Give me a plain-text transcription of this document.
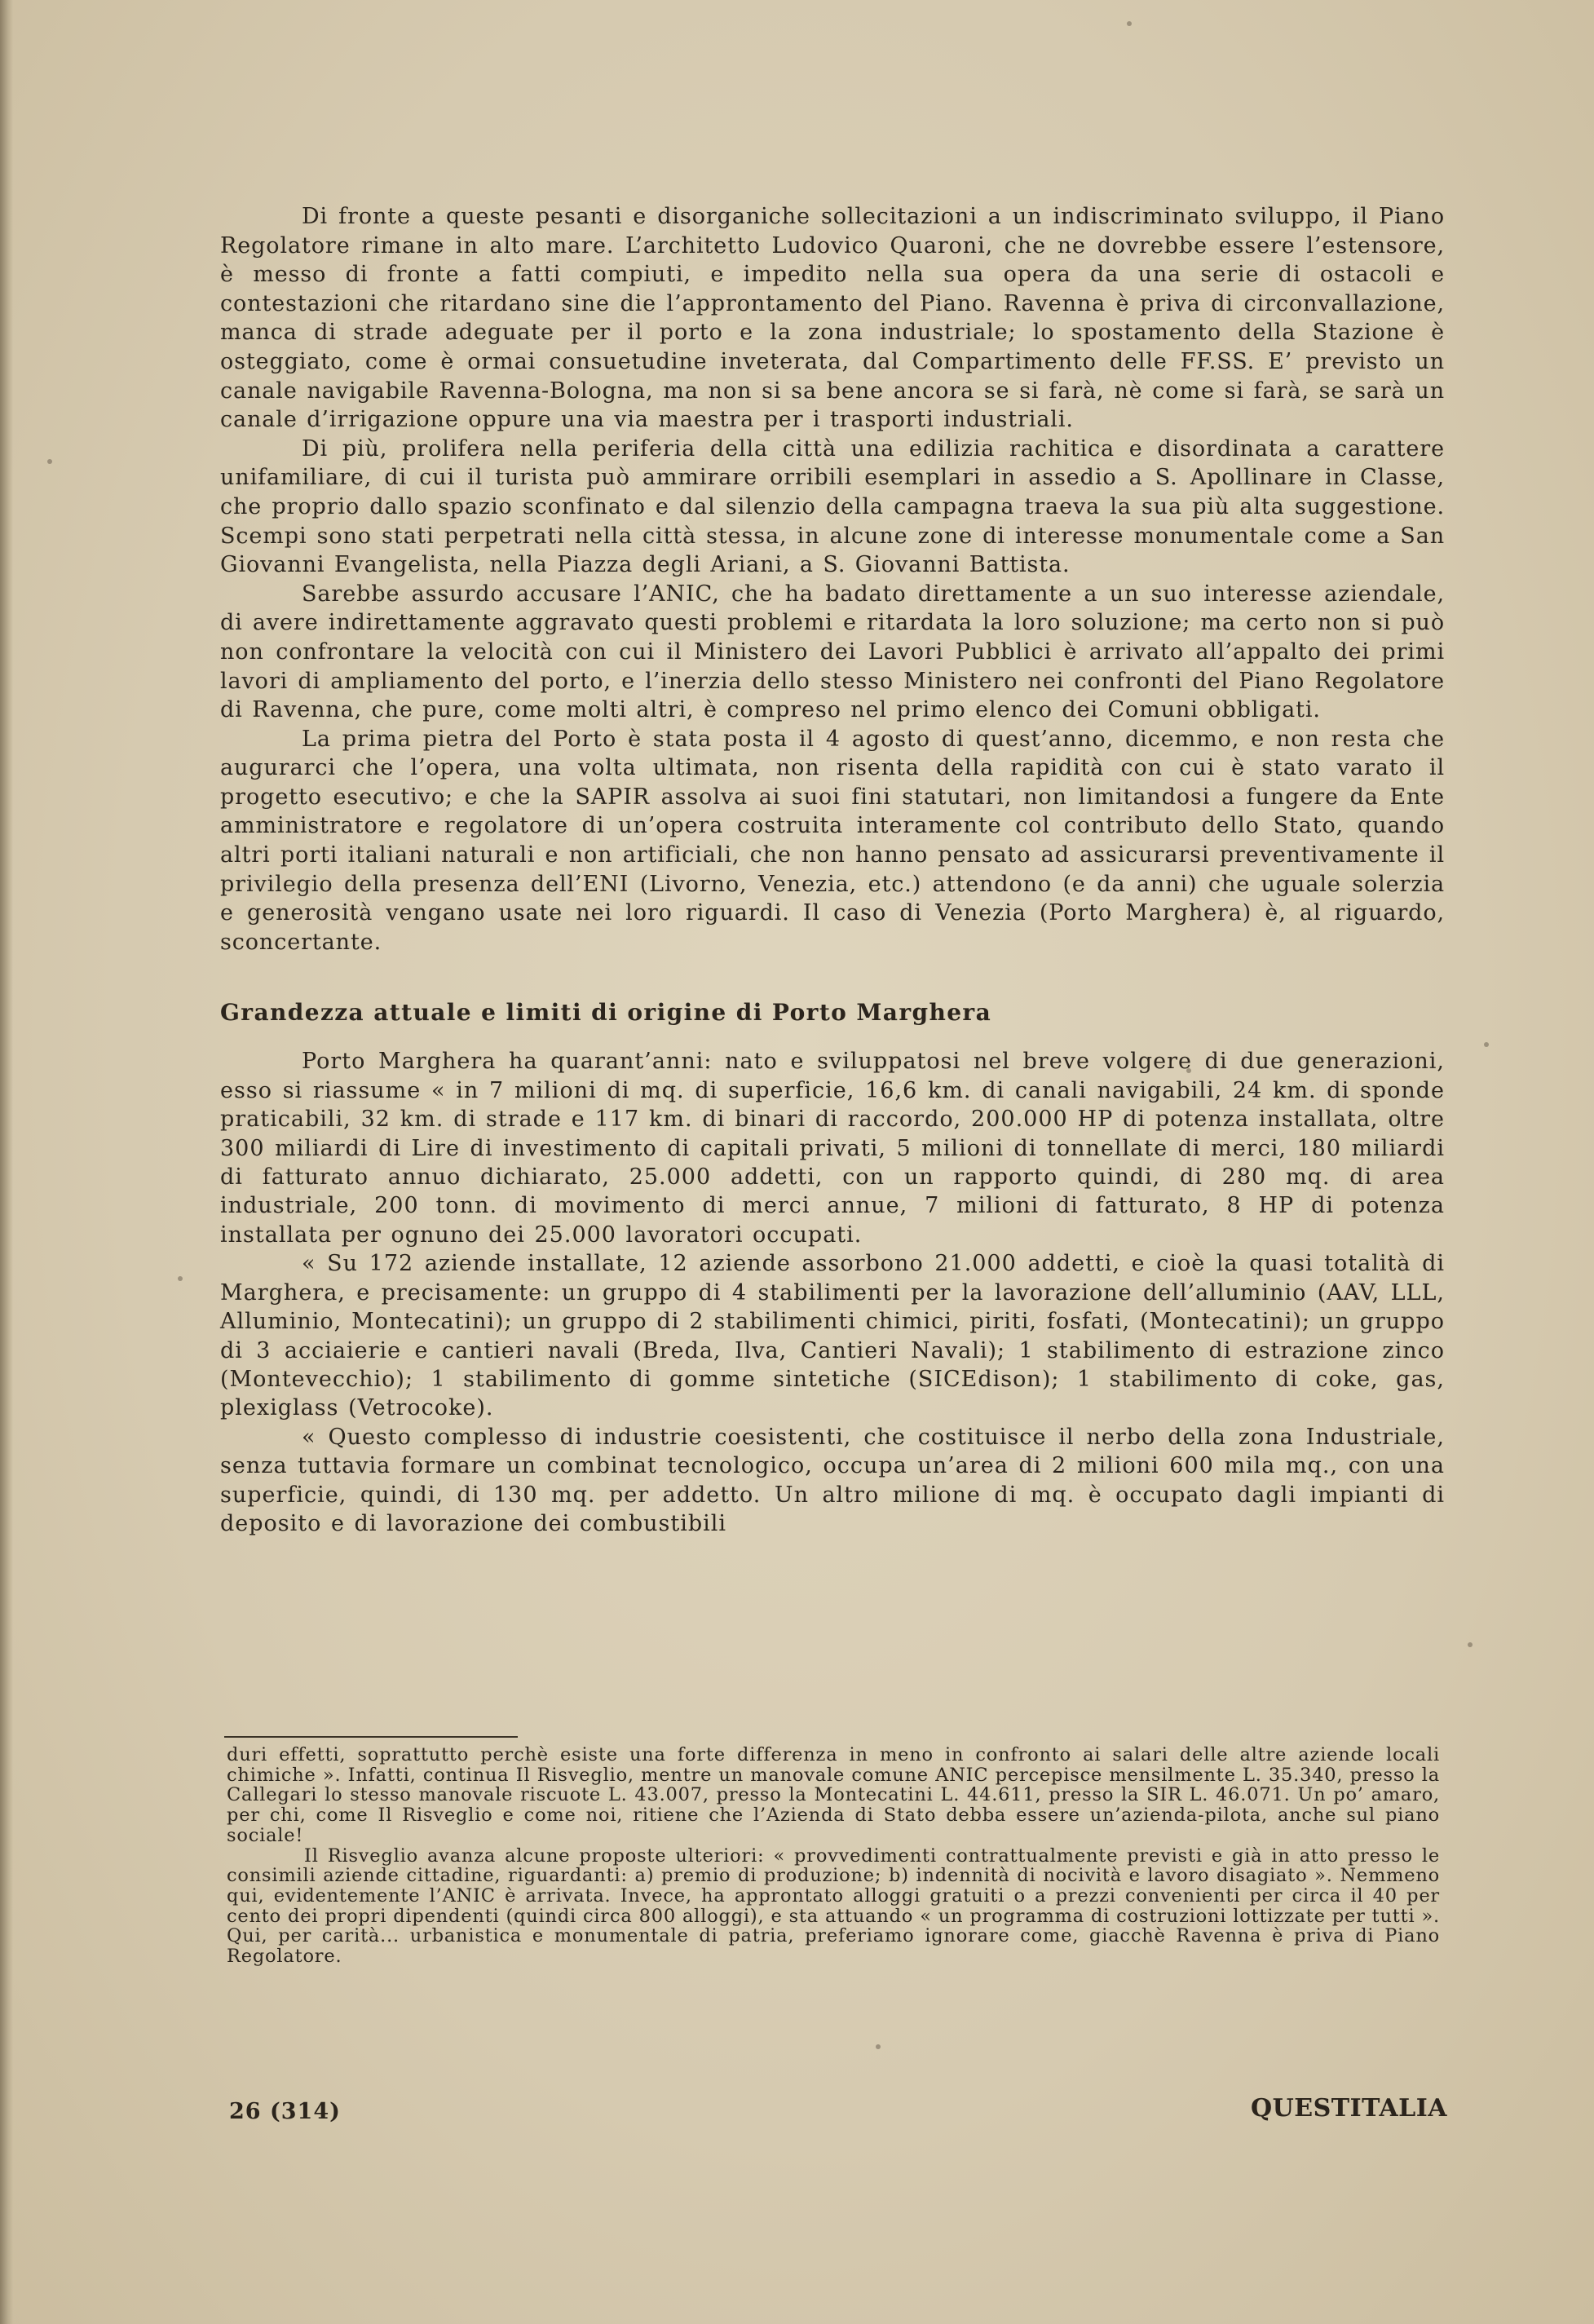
Di fronte a queste pesanti e disorganiche sollecitazioni a un indiscriminato sviluppo, il Piano Regolatore rimane in alto mare. L’architetto Ludovico Quaroni, che ne dovrebbe essere l’estensore, è messo di fronte a fatti compiuti, e impedito nella sua opera da una serie di ostacoli e contestazioni che ritardano sine die l’approntamento del Piano. Ravenna è priva di circonvallazione, manca di strade adeguate per il porto e la zona industriale; lo spostamento della Stazione è osteggiato, come è ormai consuetudine inveterata, dal Compartimento delle FF.SS. E’ previsto un canale navigabile Ravenna-Bologna, ma non si sa bene ancora se si farà, nè come si farà, se sarà un canale d’irrigazione oppure una via maestra per i trasporti industriali.

Di più, prolifera nella periferia della città una edilizia rachitica e disordinata a carattere unifamiliare, di cui il turista può ammirare orribili esemplari in assedio a S. Apollinare in Classe, che proprio dallo spazio sconfinato e dal silenzio della campagna traeva la sua più alta suggestione. Scempi sono stati perpetrati nella città stessa, in alcune zone di interesse monumentale come a San Giovanni Evangelista, nella Piazza degli Ariani, a S. Giovanni Battista.

Sarebbe assurdo accusare l’ANIC, che ha badato direttamente a un suo interesse aziendale, di avere indirettamente aggravato questi problemi e ritardata la loro soluzione; ma certo non si può non confrontare la velocità con cui il Ministero dei Lavori Pubblici è arrivato all’appalto dei primi lavori di ampliamento del porto, e l’inerzia dello stesso Ministero nei confronti del Piano Regolatore di Ravenna, che pure, come molti altri, è compreso nel primo elenco dei Comuni obbligati.

La prima pietra del Porto è stata posta il 4 agosto di quest’anno, dicemmo, e non resta che augurarci che l’opera, una volta ultimata, non risenta della rapidità con cui è stato varato il progetto esecutivo; e che la SAPIR assolva ai suoi fini statutari, non limitandosi a fungere da Ente amministratore e regolatore di un’opera costruita interamente col contributo dello Stato, quando altri porti italiani naturali e non artificiali, che non hanno pensato ad assicurarsi preventivamente il privilegio della presenza dell’ENI (Livorno, Venezia, etc.) attendono (e da anni) che uguale solerzia e generosità vengano usate nei loro riguardi. Il caso di Venezia (Porto Marghera) è, al riguardo, sconcertante.

Grandezza attuale e limiti di origine di Porto Marghera

Porto Marghera ha quarant’anni: nato e sviluppatosi nel breve volgere di due generazioni, esso si riassume « in 7 milioni di mq. di superficie, 16,6 km. di canali navigabili, 24 km. di sponde praticabili, 32 km. di strade e 117 km. di binari di raccordo, 200.000 HP di potenza installata, oltre 300 miliardi di Lire di investimento di capitali privati, 5 milioni di tonnellate di merci, 180 miliardi di fatturato annuo dichiarato, 25.000 addetti, con un rapporto quindi, di 280 mq. di area industriale, 200 tonn. di movimento di merci annue, 7 milioni di fatturato, 8 HP di potenza installata per ognuno dei 25.000 lavoratori occupati.

« Su 172 aziende installate, 12 aziende assorbono 21.000 addetti, e cioè la quasi totalità di Marghera, e precisamente: un gruppo di 4 stabilimenti per la lavorazione dell’alluminio (AAV, LLL, Alluminio, Montecatini); un gruppo di 2 stabilimenti chimici, piriti, fosfati, (Montecatini); un gruppo di 3 acciaierie e cantieri navali (Breda, Ilva, Cantieri Navali); 1 stabilimento di estrazione zinco (Montevecchio); 1 stabilimento di gomme sintetiche (SICEdison); 1 stabilimento di coke, gas, plexiglass (Vetrocoke).

« Questo complesso di industrie coesistenti, che costituisce il nerbo della zona Industriale, senza tuttavia formare un combinat tecnologico, occupa un’area di 2 milioni 600 mila mq., con una superficie, quindi, di 130 mq. per addetto. Un altro milione di mq. è occupato dagli impianti di deposito e di lavorazione dei combustibili

duri effetti, soprattutto perchè esiste una forte differenza in meno in confronto ai salari delle altre aziende locali chimiche ». Infatti, continua Il Risveglio, mentre un manovale comune ANIC percepisce mensilmente L. 35.340, presso la Callegari lo stesso manovale riscuote L. 43.007, presso la Montecatini L. 44.611, presso la SIR L. 46.071. Un po’ amaro, per chi, come Il Risveglio e come noi, ritiene che l’Azienda di Stato debba essere un’azienda-pilota, anche sul piano sociale!

Il Risveglio avanza alcune proposte ulteriori: « provvedimenti contrattualmente previsti e già in atto presso le consimili aziende cittadine, riguardanti: a) premio di produzione; b) indennità di nocività e lavoro disagiato ». Nemmeno qui, evidentemente l’ANIC è arrivata. Invece, ha approntato alloggi gratuiti o a prezzi convenienti per circa il 40 per cento dei propri dipendenti (quindi circa 800 alloggi), e sta attuando « un programma di costruzioni lottizzate per tutti ». Qui, per carità... urbanistica e monumentale di patria, preferiamo ignorare come, giacchè Ravenna è priva di Piano Regolatore.

26 (314)	QUESTITALIA
